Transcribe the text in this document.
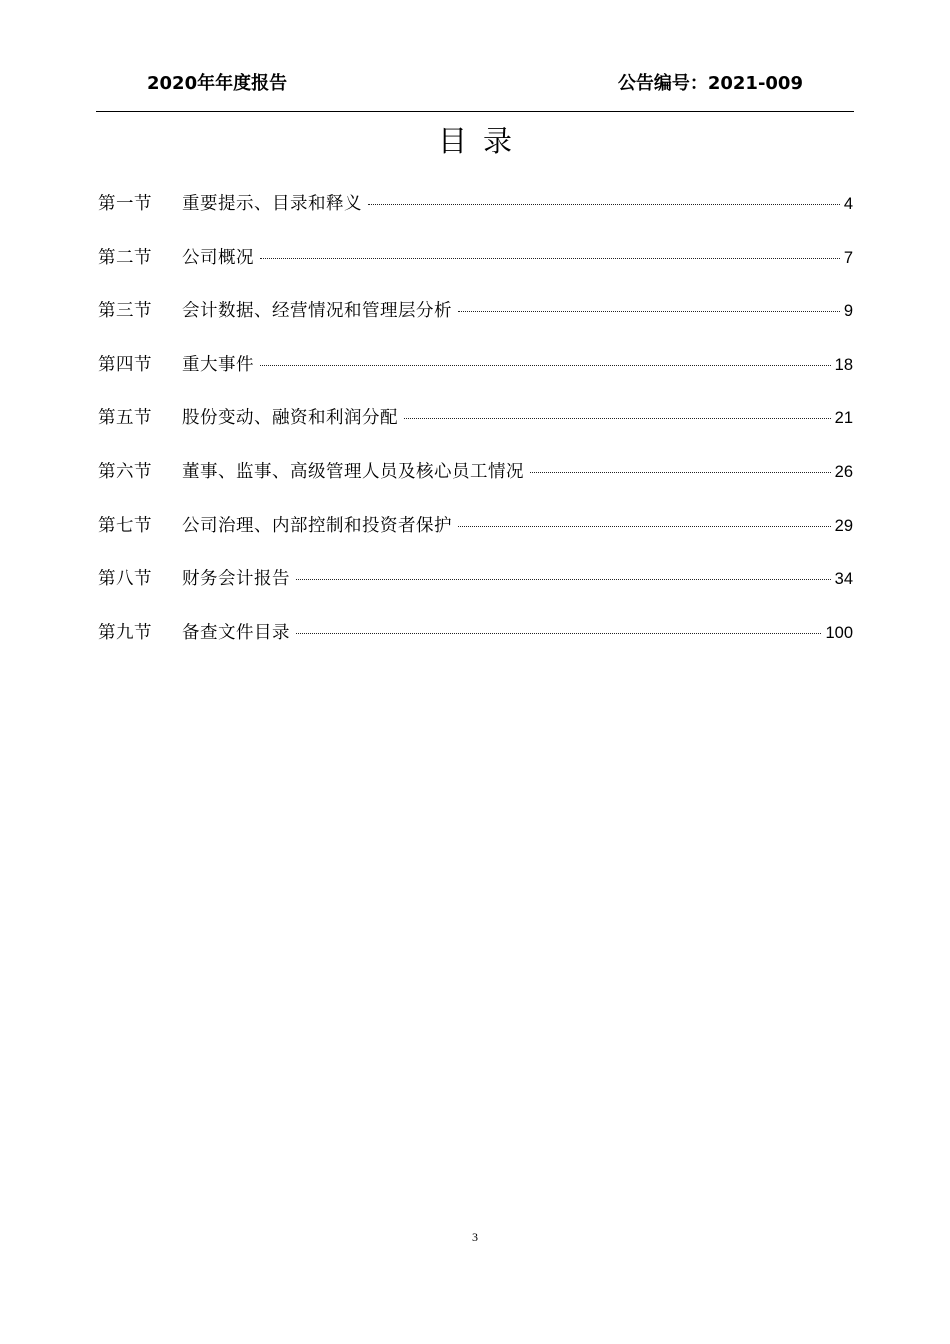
2020年年度报告	公告编号：2021-009
目录
第一节	重要提示、目录和释义	4
第二节	公司概况	7
第三节	会计数据、经营情况和管理层分析	9
第四节	重大事件	18
第五节	股份变动、融资和利润分配	21
第六节	董事、监事、高级管理人员及核心员工情况	26
第七节	公司治理、内部控制和投资者保护	29
第八节	财务会计报告	34
第九节	备查文件目录	100
3
